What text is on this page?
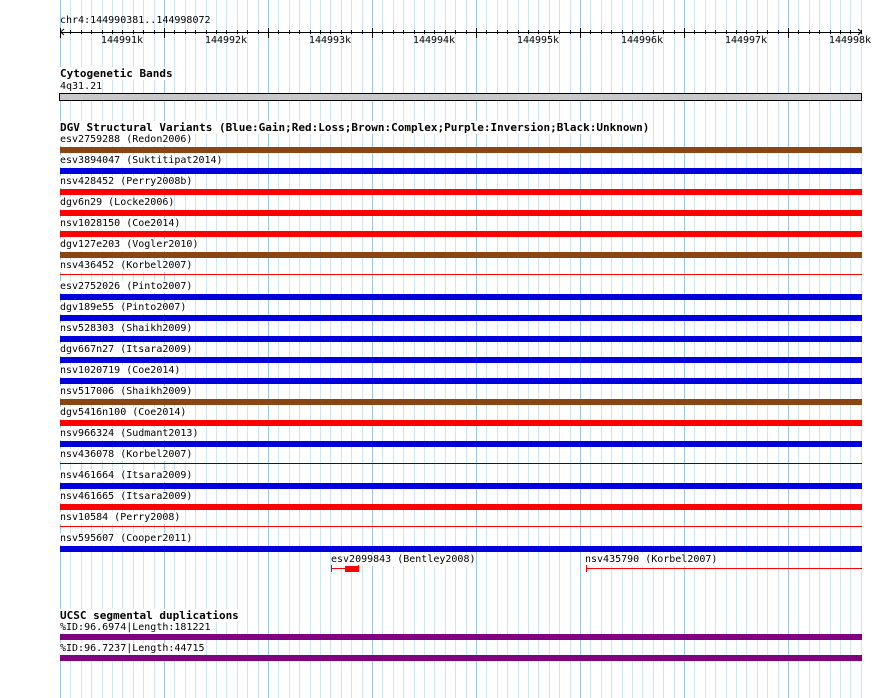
chr4:144990381..144998072
144991k	144992k	144993k	144994k	144995k	144996k	144997k	144998k
Cytogenetic Bands
4q31.21
DGV Structural Variants (Blue:Gain;Red:Loss;Brown:Complex;Purple:Inversion;Black:Unknown)
esv2759288 (Redon2006)
esv3894047 (Suktitipat2014)
nsv428452 (Perry2008b)
dgv6n29 (Locke2006)
nsv1028150 (Coe2014)
dgv127e203 (Vogler2010)
nsv436452 (Korbel2007)
esv2752026 (Pinto2007)
dgv189e55 (Pinto2007)
nsv528303 (Shaikh2009)
dgv667n27 (Itsara2009)
nsv1020719 (Coe2014)
nsv517006 (Shaikh2009)
dgv5416n100 (Coe2014)
nsv966324 (Sudmant2013)
nsv436078 (Korbel2007)
nsv461664 (Itsara2009)
nsv461665 (Itsara2009)
nsv10584 (Perry2008)
nsv595607 (Cooper2011)
esv2099843 (Bentley2008)	nsv435790 (Korbel2007)
UCSC segmental duplications
%ID:96.6974|Length:181221
%ID:96.7237|Length:44715
